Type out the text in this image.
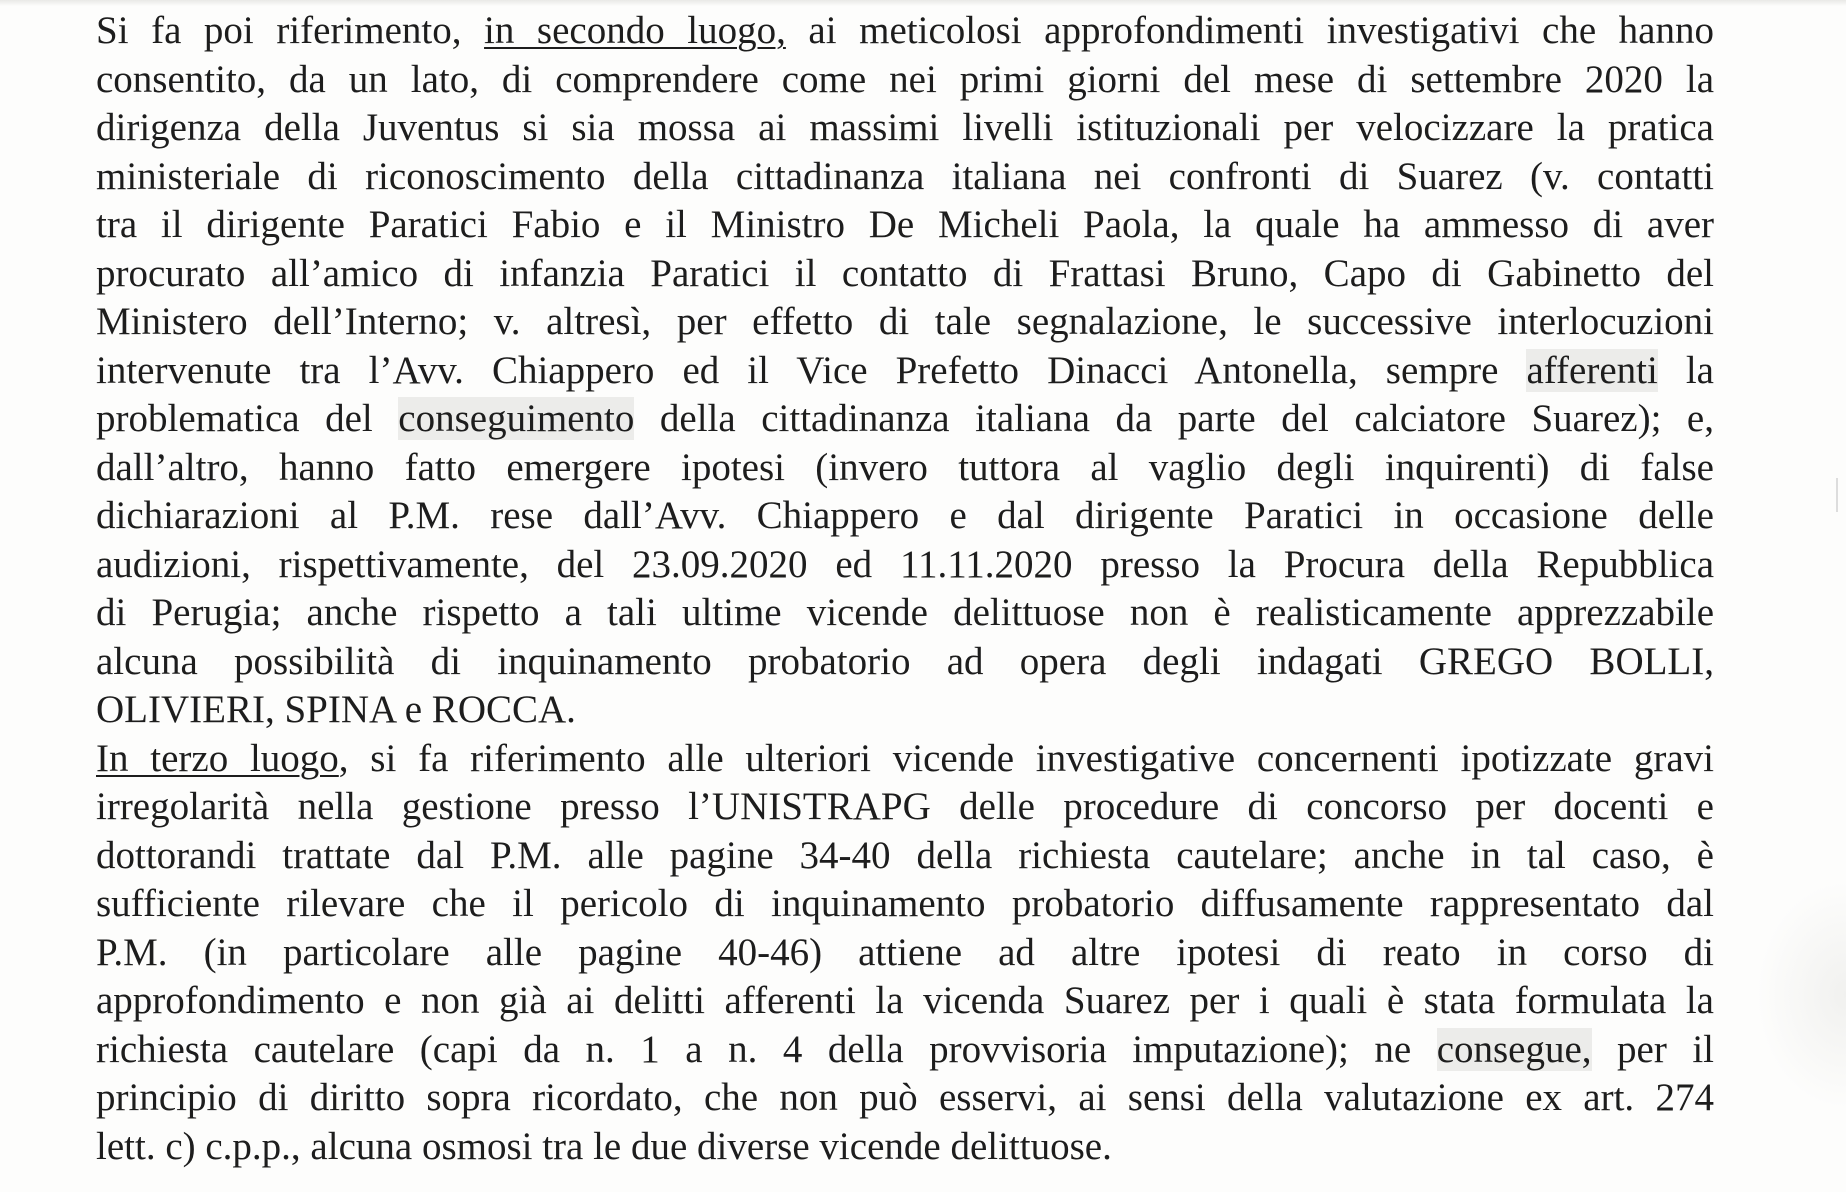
Si fa poi riferimento, in secondo luogo, ai meticolosi approfondimenti investigativi che hanno
consentito, da un lato, di comprendere come nei primi giorni del mese di settembre 2020 la
dirigenza della Juventus si sia mossa ai massimi livelli istituzionali per velocizzare la pratica
ministeriale di riconoscimento della cittadinanza italiana nei confronti di Suarez (v. contatti
tra il dirigente Paratici Fabio e il Ministro De Micheli Paola, la quale ha ammesso di aver
procurato all’amico di infanzia Paratici il contatto di Frattasi Bruno, Capo di Gabinetto del
Ministero dell’Interno; v. altresì, per effetto di tale segnalazione, le successive interlocuzioni
intervenute tra l’Avv. Chiappero ed il Vice Prefetto Dinacci Antonella, sempre afferenti la
problematica del conseguimento della cittadinanza italiana da parte del calciatore Suarez); e,
dall’altro, hanno fatto emergere ipotesi (invero tuttora al vaglio degli inquirenti) di false
dichiarazioni al P.M. rese dall’Avv. Chiappero e dal dirigente Paratici in occasione delle
audizioni, rispettivamente, del 23.09.2020 ed 11.11.2020 presso la Procura della Repubblica
di Perugia; anche rispetto a tali ultime vicende delittuose non è realisticamente apprezzabile
alcuna possibilità di inquinamento probatorio ad opera degli indagati GREGO BOLLI,
OLIVIERI, SPINA e ROCCA.
In terzo luogo, si fa riferimento alle ulteriori vicende investigative concernenti ipotizzate gravi
irregolarità nella gestione presso l’UNISTRAPG delle procedure di concorso per docenti e
dottorandi trattate dal P.M. alle pagine 34-40 della richiesta cautelare; anche in tal caso, è
sufficiente rilevare che il pericolo di inquinamento probatorio diffusamente rappresentato dal
P.M. (in particolare alle pagine 40-46) attiene ad altre ipotesi di reato in corso di
approfondimento e non già ai delitti afferenti la vicenda Suarez per i quali è stata formulata la
richiesta cautelare (capi da n. 1 a n. 4 della provvisoria imputazione); ne consegue, per il
principio di diritto sopra ricordato, che non può esservi, ai sensi della valutazione ex art. 274
lett. c) c.p.p., alcuna osmosi tra le due diverse vicende delittuose.
